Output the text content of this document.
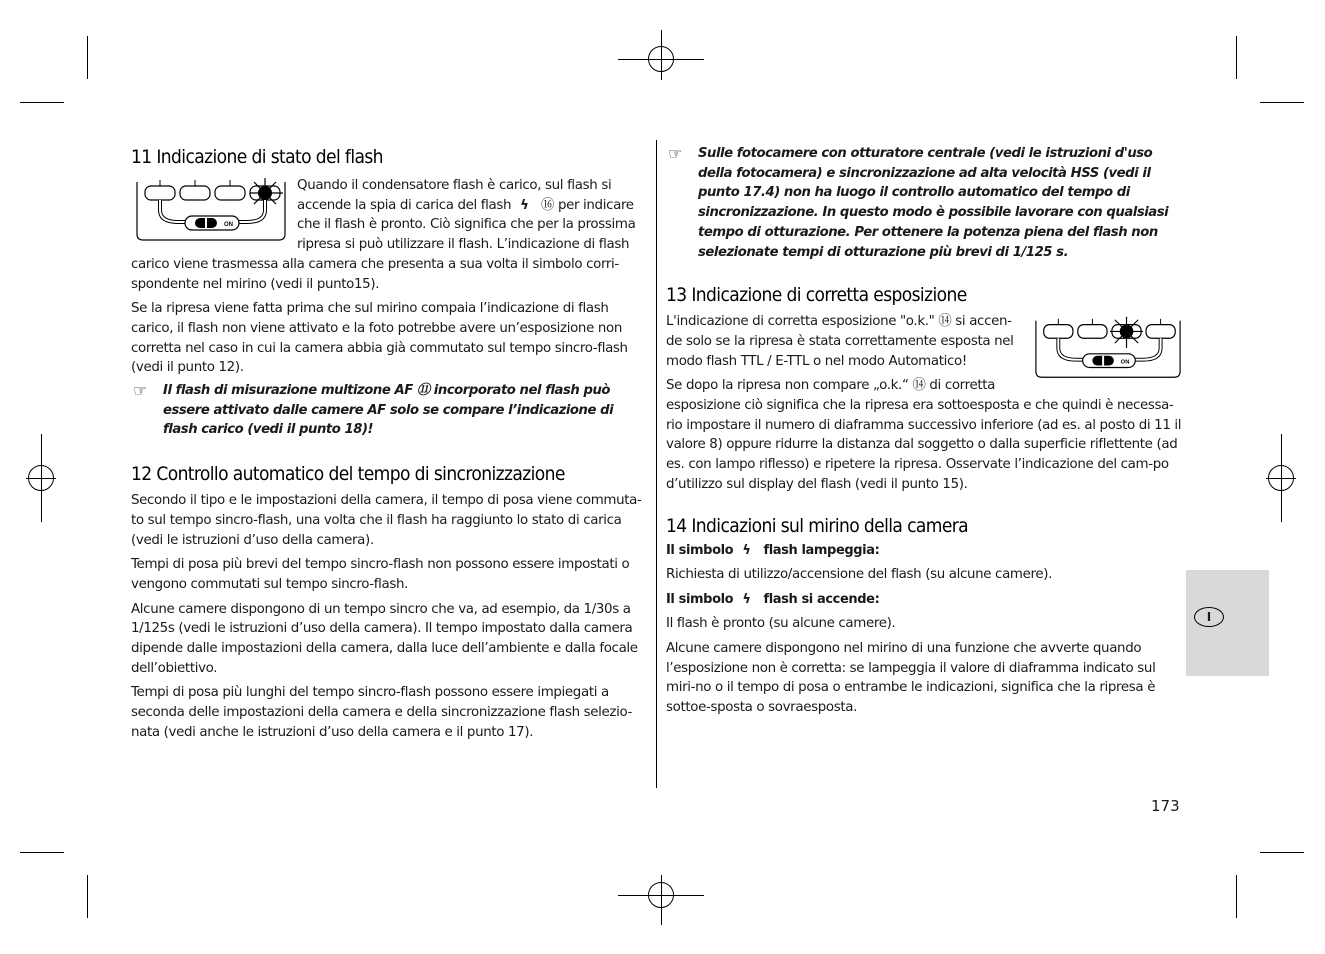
11 Indicazione di stato del flash
ON

Quando il condensatore flash è carico, sul flash si accende la spia di carica del flash ϟ ⑯ per indicare che il flash è pronto. Ciò significa che per la prossima ripresa si può utilizzare il flash. L’indicazione di flash carico viene trasmessa alla camera che presenta a sua volta il simbolo corri-spondente nel mirino (vedi il punto15).

Se la ripresa viene fatta prima che sul mirino compaia l’indicazione di flash carico, il flash non viene attivato e la foto potrebbe avere un’esposizione non corretta nel caso in cui la camera abbia già commutato sul tempo sincro-flash (vedi il punto 12).

☞ Il flash di misurazione multizone AF ⑪ incorporato nel flash può essere attivato dalle camere AF solo se compare l’indicazione di flash carico (vedi il punto 18)!
12 Controllo automatico del tempo di sincronizzazione

Secondo il tipo e le impostazioni della camera, il tempo di posa viene commuta-to sul tempo sincro-flash, una volta che il flash ha raggiunto lo stato di carica (vedi le istruzioni d’uso della camera).

Tempi di posa più brevi del tempo sincro-flash non possono essere impostati o vengono commutati sul tempo sincro-flash.

Alcune camere dispongono di un tempo sincro che va, ad esempio, da 1/30s a 1/125s (vedi le istruzioni d’uso della camera). Il tempo impostato dalla camera dipende dalle impostazioni della camera, dalla luce dell’ambiente e dalla focale dell’obiettivo.

Tempi di posa più lunghi del tempo sincro-flash possono essere impiegati a seconda delle impostazioni della camera e della sincronizzazione flash selezio-nata (vedi anche le istruzioni d’uso della camera e il punto 17).

☞ Sulle fotocamere con otturatore centrale (vedi le istruzioni d'uso della fotocamera) e sincronizzazione ad alta velocità HSS (vedi il punto 17.4) non ha luogo il controllo automatico del tempo di sincronizzazione. In questo modo è possibile lavorare con qualsiasi tempo di otturazione. Per ottenere la potenza piena del flash non selezionate tempi di otturazione più brevi di 1/125 s.
13 Indicazione di corretta esposizione
ON

L'indicazione di corretta esposizione "o.k." ⑭ si accen-de solo se la ripresa è stata correttamente esposta nel modo flash TTL / E-TTL o nel modo Automatico!

Se dopo la ripresa non compare „o.k.“ ⑭ di corretta esposizione ciò significa che la ripresa era sottoesposta e che quindi è necessa-rio impostare il numero di diaframma successivo inferiore (ad es. al posto di 11 il valore 8) oppure ridurre la distanza dal soggetto o dalla superficie riflettente (ad es. con lampo riflesso) e ripetere la ripresa. Osservate l’indicazione del cam-po d’utilizzo sul display del flash (vedi il punto 15).

14 Indicazioni sul mirino della camera
Il simbolo ϟ flash lampeggia:

Richiesta di utilizzo/accensione del flash (su alcune camere).

Il simbolo ϟ flash si accende:

Il flash è pronto (su alcune camere).

Alcune camere dispongono nel mirino di una funzione che avverte quando l’esposizione non è corretta: se lampeggia il valore di diaframma indicato sul miri-no o il tempo di posa o entrambe le indicazioni, significa che la ripresa è sottoe-sposta o sovraesposta.

I
173
